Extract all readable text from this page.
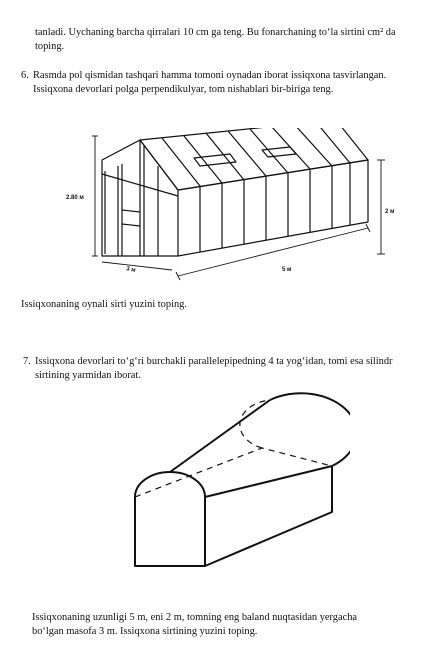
tanladi. Uychaning barcha qirralari 10 cm ga teng. Bu fonarchaning to‘la sirtini cm² da
toping.
6. Rasmda pol qismidan tashqari hamma tomoni oynadan iborat issiqxona tasvirlangan.
Issiqxona devorlari polga perpendikulyar, tom nishablari bir-biriga teng.
2.80 м
2 м
3 м	5 м
Issiqxonaning oynali sirti yuzini toping.
7. Issiqxona devorlari to‘g‘ri burchakli parallelepipedning 4 ta yog‘idan, tomi esa silindr
sirtining yarmidan iborat.
Issiqxonaning uzunligi 5 m, eni 2 m, tomning eng baland nuqtasidan yergacha
bo‘lgan masofa 3 m. Issiqxona sirtining yuzini toping.
